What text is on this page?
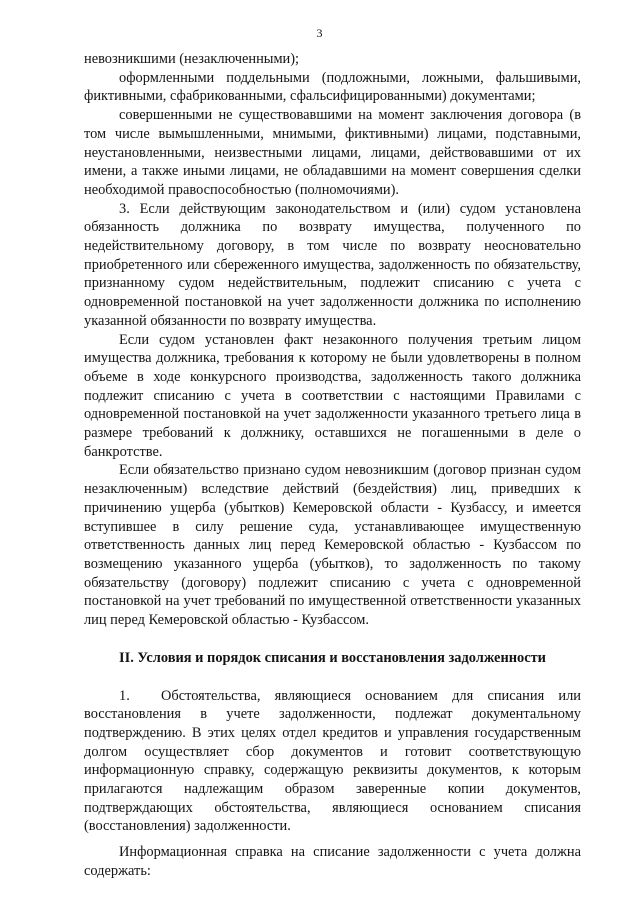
3

невозникшими (незаключенными);

оформленными поддельными (подложными, ложными, фальшивыми, фиктивными, сфабрикованными, сфальсифицированными) документами;

совершенными не существовавшими на момент заключения договора (в том числе вымышленными, мнимыми, фиктивными) лицами, подставными, неустановленными, неизвестными лицами, лицами, действовавшими от их имени, а также иными лицами, не обладавшими на момент совершения сделки необходимой правоспособностью (полномочиями).

3. Если действующим законодательством и (или) судом установлена обязанность должника по возврату имущества, полученного по недействительному договору, в том числе по возврату неосновательно приобретенного или сбереженного имущества, задолженность по обязательству, признанному судом недействительным, подлежит списанию с учета с одновременной постановкой на учет задолженности должника по исполнению указанной обязанности по возврату имущества.

Если судом установлен факт незаконного получения третьим лицом имущества должника, требования к которому не были удовлетворены в полном объеме в ходе конкурсного производства, задолженность такого должника подлежит списанию с учета в соответствии с настоящими Правилами с одновременной постановкой на учет задолженности указанного третьего лица в размере требований к должнику, оставшихся не погашенными в деле о банкротстве.

Если обязательство признано судом невозникшим (договор признан судом незаключенным) вследствие действий (бездействия) лиц, приведших к причинению ущерба (убытков) Кемеровской области - Кузбассу, и имеется вступившее в силу решение суда, устанавливающее имущественную ответственность данных лиц перед Кемеровской областью - Кузбассом по возмещению указанного ущерба (убытков), то задолженность по такому обязательству (договору) подлежит списанию с учета с одновременной постановкой на учет требований по имущественной ответственности указанных лиц перед Кемеровской областью - Кузбассом.

II. Условия и порядок списания и восстановления задолженности

1. Обстоятельства, являющиеся основанием для списания или восстановления в учете задолженности, подлежат документальному подтверждению. В этих целях отдел кредитов и управления государственным долгом осуществляет сбор документов и готовит соответствующую информационную справку, содержащую реквизиты документов, к которым прилагаются надлежащим образом заверенные копии документов, подтверждающих обстоятельства, являющиеся основанием списания (восстановления) задолженности.

Информационная справка на списание задолженности с учета должна содержать:
